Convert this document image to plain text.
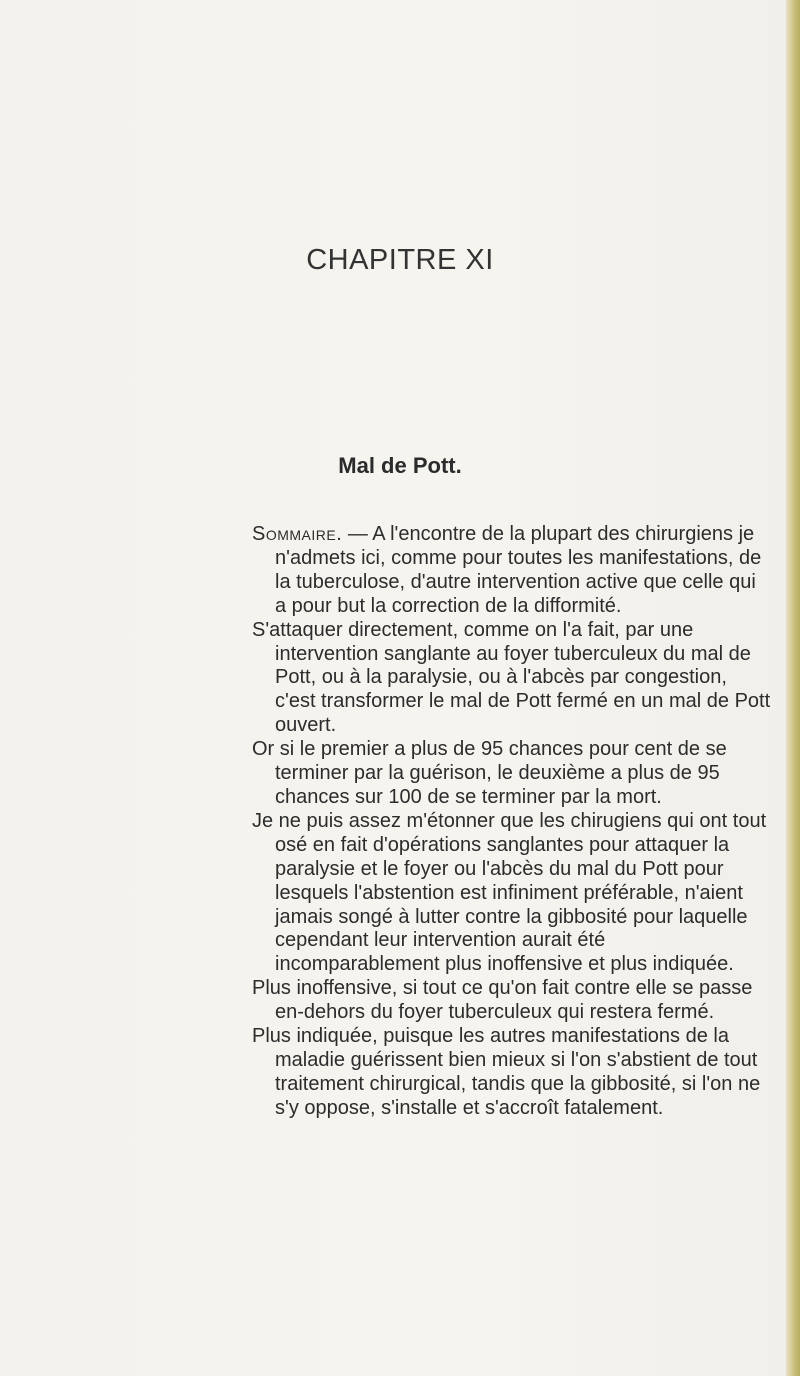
CHAPITRE XI
Mal de Pott.

Sommaire. — A l'encontre de la plupart des chirurgiens je n'admets ici, comme pour toutes les manifestations, de la tuberculose, d'autre intervention active que celle qui a pour but la correction de la difformité.

S'attaquer directement, comme on l'a fait, par une intervention sanglante au foyer tuberculeux du mal de Pott, ou à la paralysie, ou à l'abcès par congestion, c'est transformer le mal de Pott fermé en un mal de Pott ouvert.

Or si le premier a plus de 95 chances pour cent de se terminer par la guérison, le deuxième a plus de 95 chances sur 100 de se terminer par la mort.

Je ne puis assez m'étonner que les chirugiens qui ont tout osé en fait d'opérations sanglantes pour attaquer la paralysie et le foyer ou l'abcès du mal du Pott pour lesquels l'abstention est infiniment préférable, n'aient jamais songé à lutter contre la gibbosité pour laquelle cependant leur intervention aurait été incomparablement plus inoffensive et plus indiquée.

Plus inoffensive, si tout ce qu'on fait contre elle se passe en-dehors du foyer tuberculeux qui restera fermé.

Plus indiquée, puisque les autres manifestations de la maladie guérissent bien mieux si l'on s'abstient de tout traitement chirurgical, tandis que la gibbosité, si l'on ne s'y oppose, s'installe et s'accroît fatalement.
